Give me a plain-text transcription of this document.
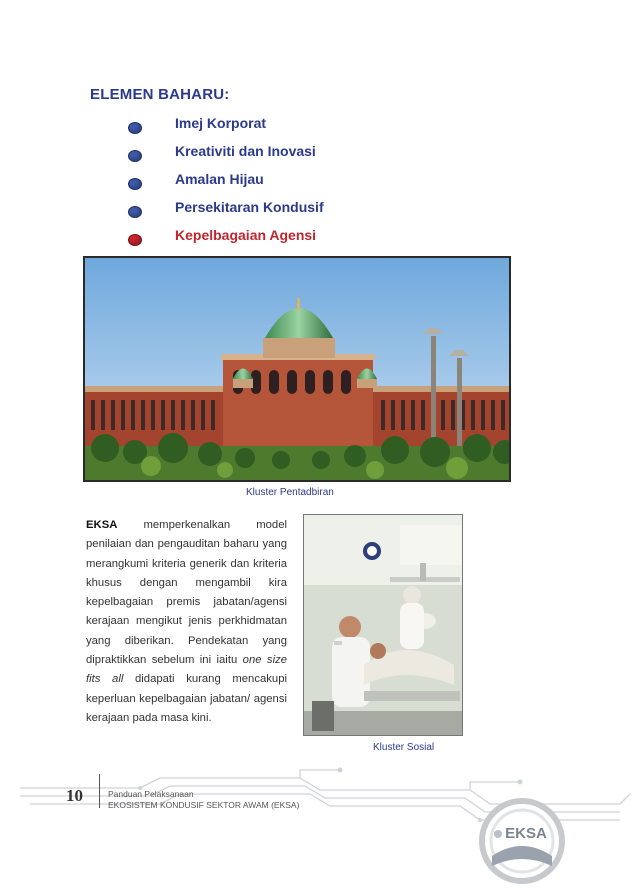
ELEMEN BAHARU:
Imej Korporat
Kreativiti dan Inovasi
Amalan Hijau
Persekitaran Kondusif
Kepelbagaian Agensi
Kluster Pentadbiran
EKSA memperkenalkan model penilaian dan pengauditan baharu yang merangkumi kriteria generik dan kriteria khusus dengan mengambil kira kepelbagaian premis jabatan/agensi kerajaan mengikut jenis perkhidmatan yang diberikan. Pendekatan yang dipraktikkan sebelum ini iaitu one size fits all didapati kurang mencakupi keperluan kepelbagaian jabatan/ agensi kerajaan pada masa kini.
Kluster Sosial
10	Panduan Pelaksanaan
EKOSISTEM KONDUSIF SEKTOR AWAM (EKSA)
EKSA
